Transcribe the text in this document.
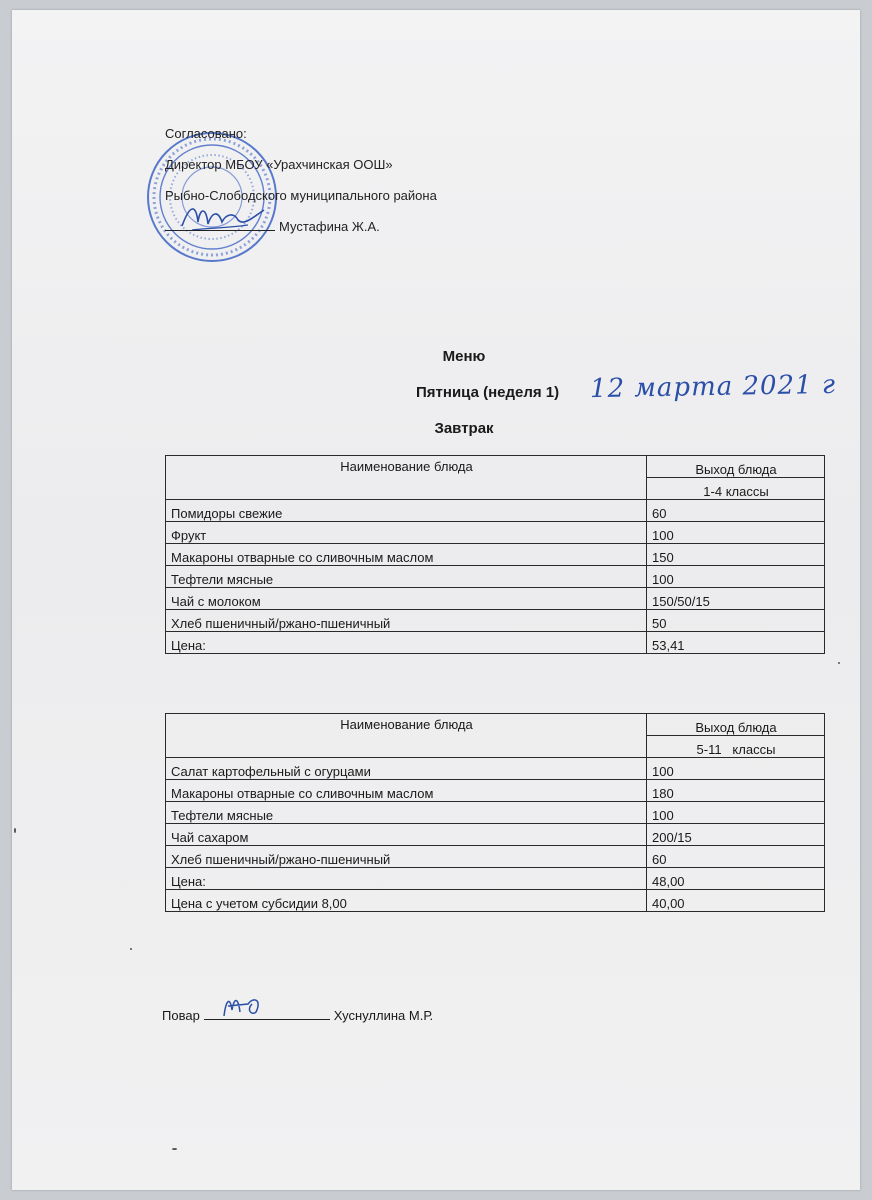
Согласовано:
Директор МБОУ «Урахчинская ООШ»
Рыбно-Слободского муниципального района
Мустафина Ж.А.
Меню
Пятница (неделя 1) 12 марта 2021 г
Завтрак
Наименование блюда	Выход блюда
	1-4 классы
Помидоры свежие	60
Фрукт	100
Макароны отварные со сливочным маслом	150
Тефтели мясные	100
Чай с молоком	150/50/15
Хлеб пшеничный/ржано-пшеничный	50
Цена:	53,41
Наименование блюда	Выход блюда
	5-11   классы
Салат картофельный с огурцами	100
Макароны отварные со сливочным маслом	180
Тефтели мясные	100
Чай сахаром	200/15
Хлеб пшеничный/ржано-пшеничный	60
Цена:	48,00
Цена с учетом субсидии 8,00	40,00
Повар	Хуснуллина М.Р.
